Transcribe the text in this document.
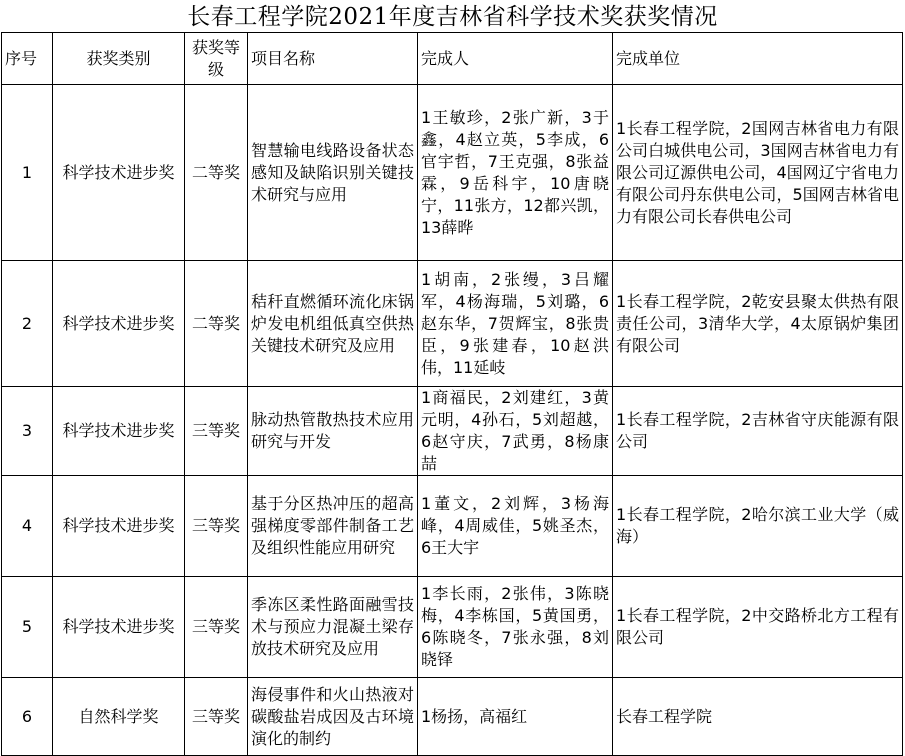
长春工程学院2021年度吉林省科学技术奖获奖情况
序号	获奖类别	获奖等级	项目名称	完成人	完成单位
1	科学技术进步奖	二等奖	智慧输电线路设备状态感知及缺陷识别关键技术研究与应用	1王敏珍，2张广新，3于鑫，4赵立英，5李成，6官宇哲，7王克强，8张益霖，9岳科宇，10唐晓宁，11张方，12都兴凯，13薛晔	1长春工程学院，2国网吉林省电力有限公司白城供电公司，3国网吉林省电力有限公司辽源供电公司，4国网辽宁省电力有限公司丹东供电公司，5国网吉林省电力有限公司长春供电公司
2	科学技术进步奖	二等奖	秸秆直燃循环流化床锅炉发电机组低真空供热关键技术研究及应用	1胡南，2张缦，3吕耀军，4杨海瑞，5刘璐，6赵东华，7贺辉宝，8张贵臣，9张建春，10赵洪伟，11延岐	1长春工程学院，2乾安县聚太供热有限责任公司，3清华大学，4太原锅炉集团有限公司
3	科学技术进步奖	三等奖	脉动热管散热技术应用研究与开发	1商福民，2刘建红，3黄元明，4孙石，5刘超越，6赵守庆，7武勇，8杨康喆	1长春工程学院，2吉林省守庆能源有限公司
4	科学技术进步奖	三等奖	基于分区热冲压的超高强梯度零部件制备工艺及组织性能应用研究	1董文，2刘辉，3杨海峰，4周威佳，5姚圣杰，6王大宇	1长春工程学院，2哈尔滨工业大学（威海）
5	科学技术进步奖	三等奖	季冻区柔性路面融雪技术与预应力混凝土梁存放技术研究及应用	1李长雨，2张伟，3陈晓梅，4李栋国，5黄国勇，6陈晓冬，7张永强，8刘晓铎	1长春工程学院，2中交路桥北方工程有限公司
6	自然科学奖	三等奖	海侵事件和火山热液对碳酸盐岩成因及古环境演化的制约	1杨扬，高福红	长春工程学院
